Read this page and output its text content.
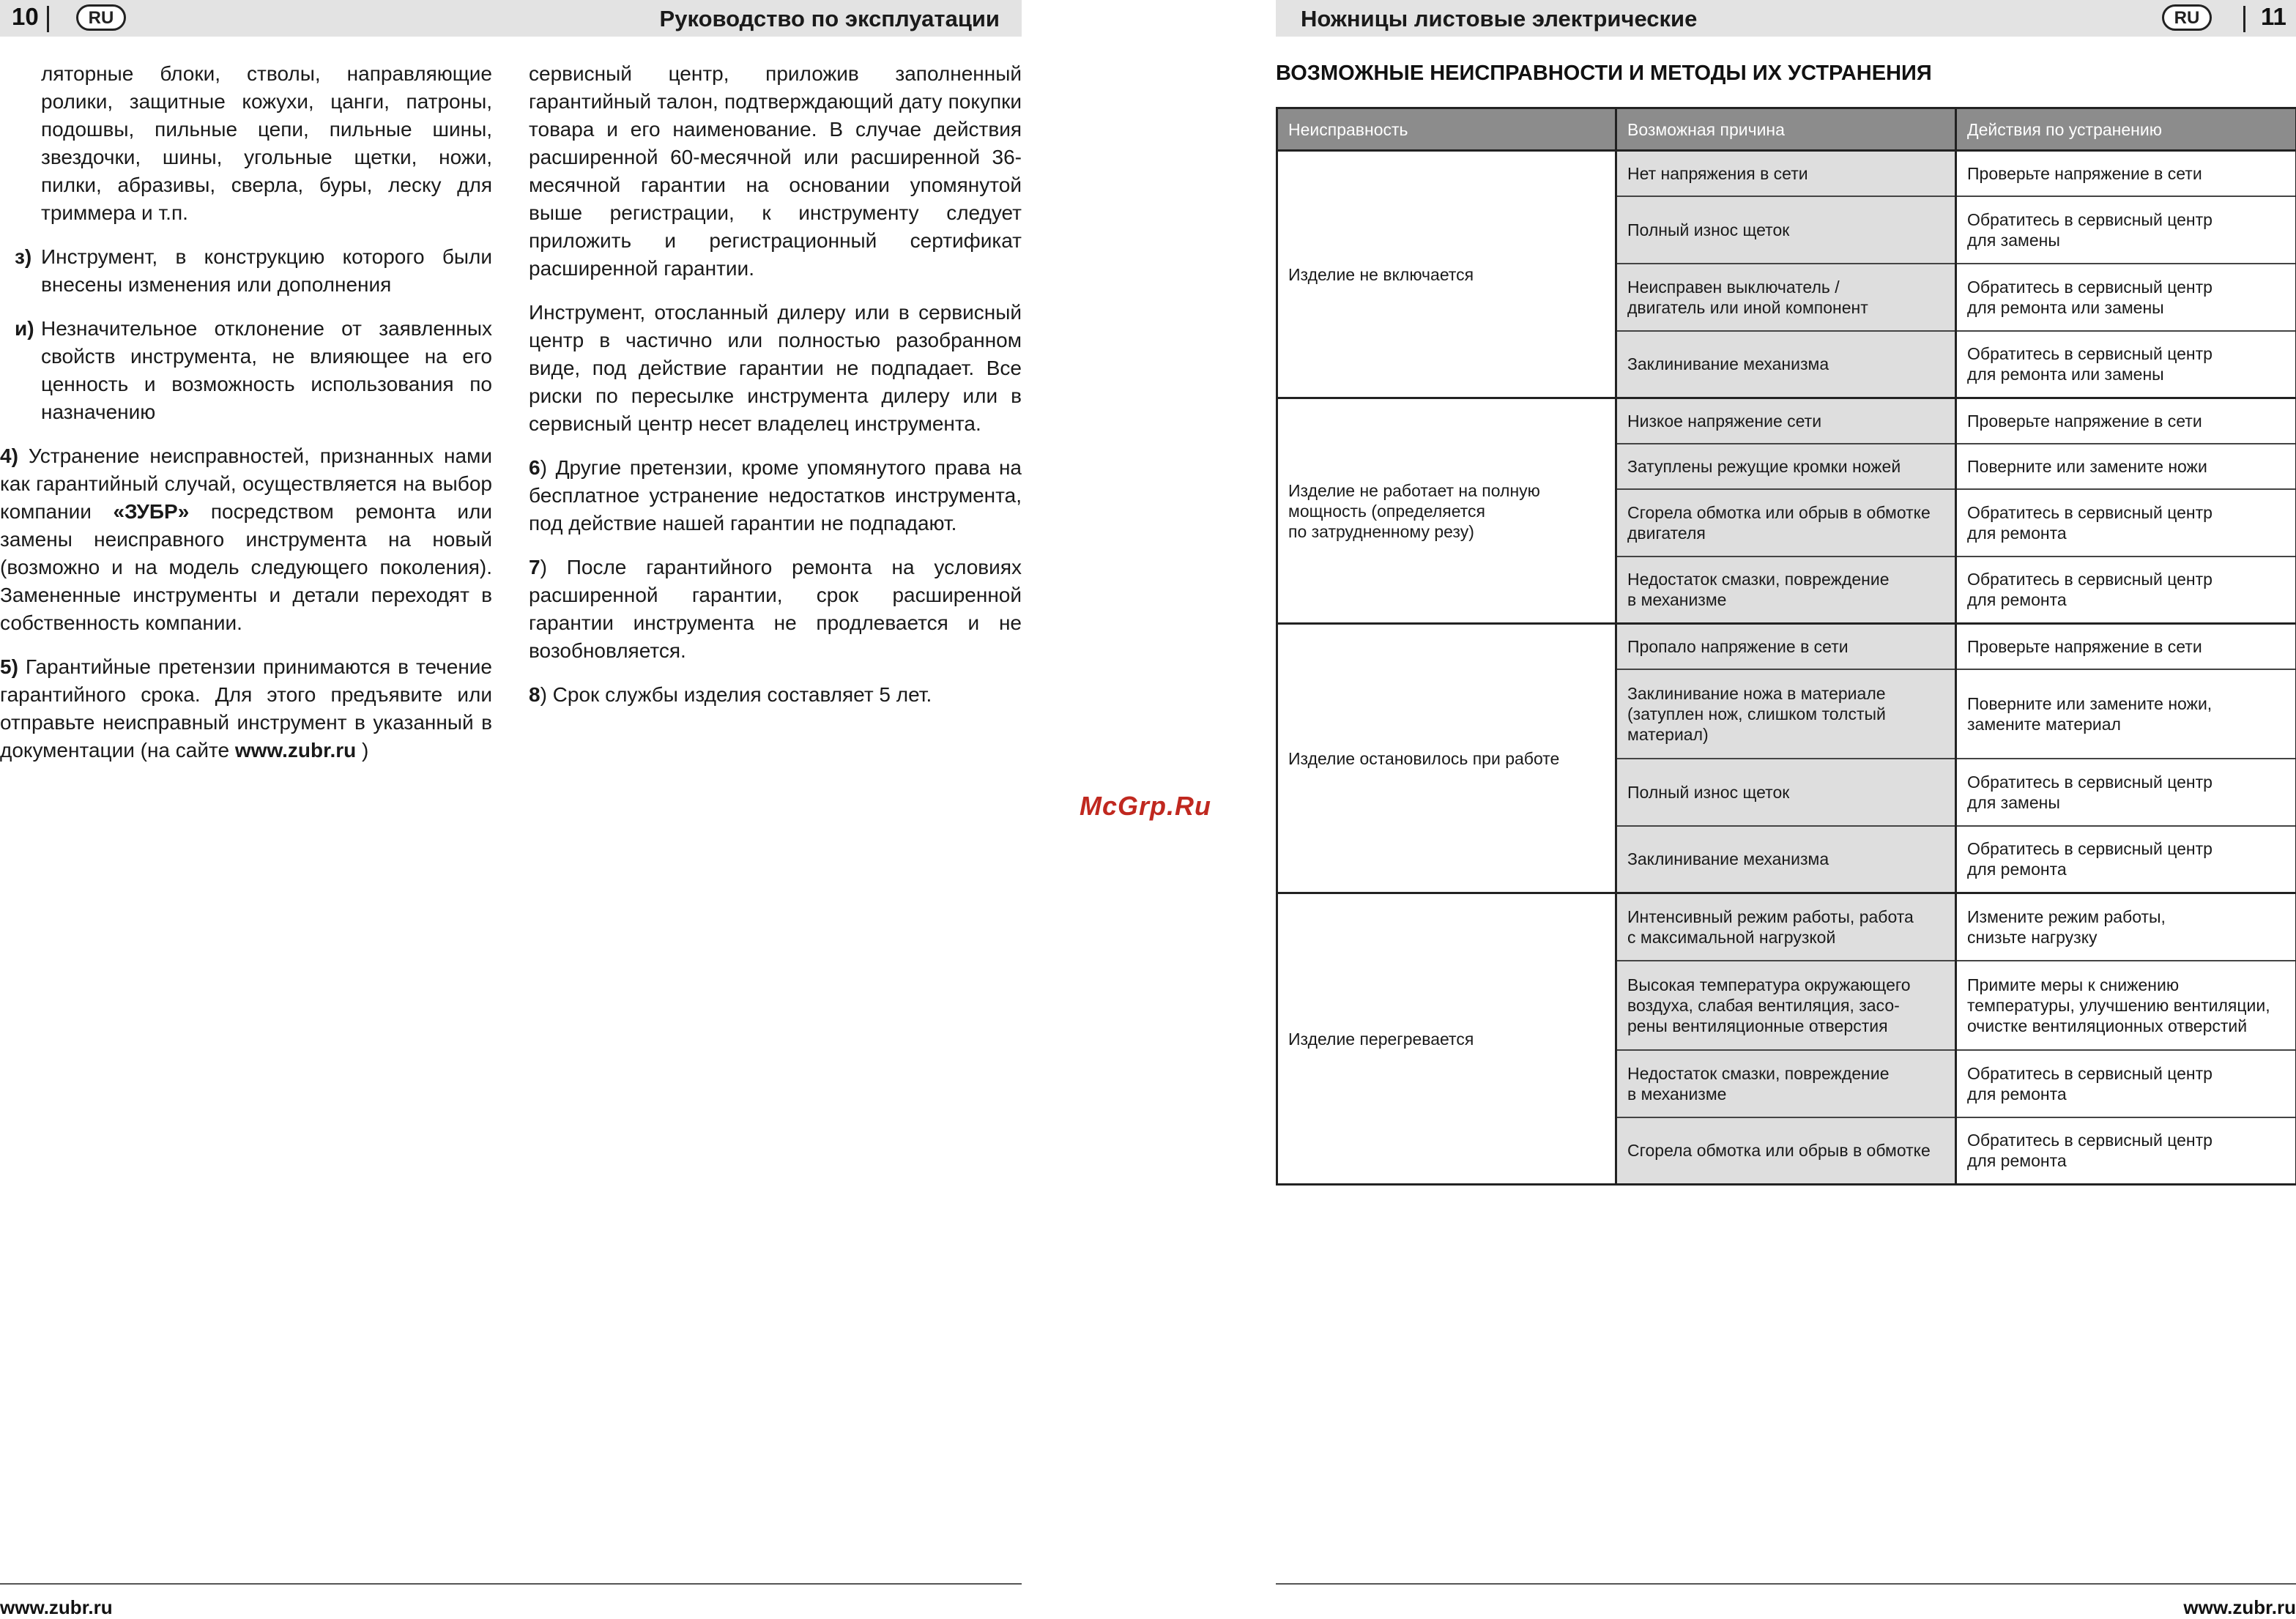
10	RU	Руководство по эксплуатации

ляторные блоки, стволы, направляющие ролики, защитные кожухи, цанги, патроны, подошвы, пильные цепи, пильные шины, звездочки, шины, угольные щетки, ножи, пилки, абразивы, сверла, буры, леску для триммера и т.п.

з) Инструмент, в конструкцию которого были внесены изменения или дополнения
и) Незначительное отклонение от заявленных свойств инструмента, не влияющее на его ценность и возможность использования по назначению

4) Устранение неисправностей, признанных нами как гарантийный случай, осуществляется на выбор компании «ЗУБР» посредством ремонта или замены неисправного инструмента на новый (возможно и на модель следующего поколения). Замененные инструменты и детали переходят в собственность компании.

5) Гарантийные претензии принимаются в течение гарантийного срока. Для этого предъявите или отправьте неисправный инструмент в указанный в документации (на сайте www.zubr.ru )

сервисный центр, приложив заполненный гарантийный талон, подтверждающий дату покупки товара и его наименование. В случае действия расширенной 60-месячной или расширенной 36-месячной гарантии на основании упомянутой выше регистрации, к инструменту следует приложить и регистрационный сертификат расширенной гарантии.

Инструмент, отосланный дилеру или в сервисный центр в частично или полностью разобранном виде, под действие гарантии не подпадает. Все риски по пересылке инструмента дилеру или в сервисный центр несет владелец инструмента.

6) Другие претензии, кроме упомянутого права на бесплатное устранение недостатков инструмента, под действие нашей гарантии не подпадают.

7) После гарантийного ремонта на условиях расширенной гарантии, срок расширенной гарантии инструмента не продлевается и не возобновляется.

8) Срок службы изделия составляет 5 лет.

McGrp.Ru
Ножницы листовые электрические	RU	11
ВОЗМОЖНЫЕ НЕИСПРАВНОСТИ И МЕТОДЫ ИХ УСТРАНЕНИЯ
Неисправность	Возможная причина	Действия по устранению
Изделие не включается	Нет напряжения в сети	Проверьте напряжение в сети
	Полный износ щеток	Обратитесь в сервисный центр
для замены
	Неисправен выключатель /
двигатель или иной компонент	Обратитесь в сервисный центр
для ремонта или замены
	Заклинивание механизма	Обратитесь в сервисный центр
для ремонта или замены
Изделие не работает на полную
мощность (определяется
по затрудненному резу)	Низкое напряжение сети	Проверьте напряжение в сети
	Затуплены режущие кромки ножей	Поверните или замените ножи
	Сгорела обмотка или обрыв в обмотке
двигателя	Обратитесь в сервисный центр
для ремонта
	Недостаток смазки, повреждение
в механизме	Обратитесь в сервисный центр
для ремонта
Изделие остановилось при работе	Пропало напряжение в сети	Проверьте напряжение в сети
	Заклинивание ножа в материале
(затуплен нож, слишком толстый
материал)	Поверните или замените ножи,
замените материал
	Полный износ щеток	Обратитесь в сервисный центр
для замены
	Заклинивание механизма	Обратитесь в сервисный центр
для ремонта
Изделие перегревается	Интенсивный режим работы, работа
с максимальной нагрузкой	Измените режим работы,
снизьте нагрузку
	Высокая температура окружающего
воздуха, слабая вентиляция, засо-
рены вентиляционные отверстия	Примите меры к снижению
температуры, улучшению вентиляции,
очистке вентиляционных отверстий
	Недостаток смазки, повреждение
в механизме	Обратитесь в сервисный центр
для ремонта
	Сгорела обмотка или обрыв в обмотке	Обратитесь в сервисный центр
для ремонта
www.zubr.ru	www.zubr.ru
